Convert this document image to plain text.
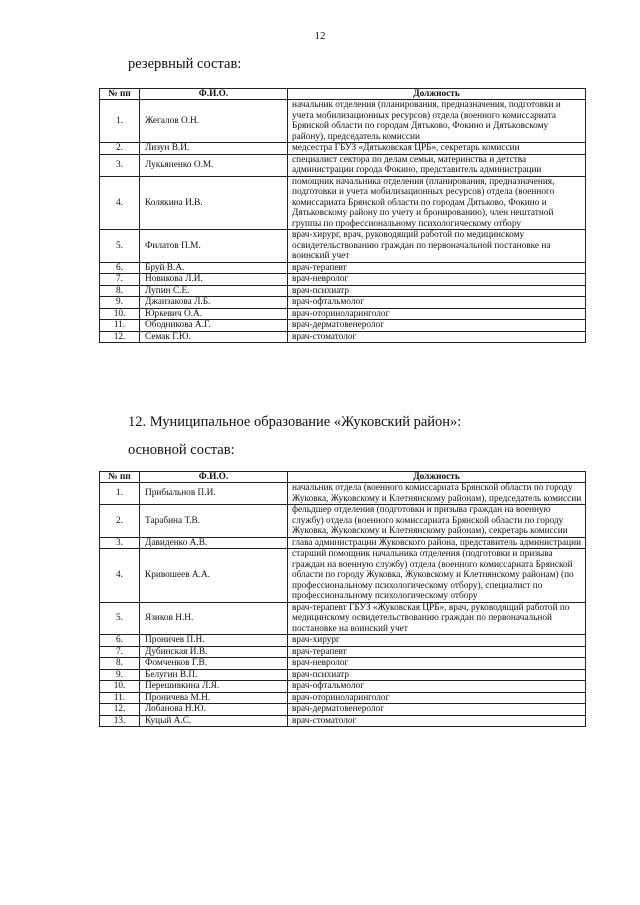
12
резервный состав:
№ пп	Ф.И.О.	Должность
1.	Жегалов О.Н.	начальник отделения (планирования, предназначения, подготовки и учета мобилизационных ресурсов) отдела (военного комиссариата Брянской области по городам Дятьково, Фокино и Дятьковскому району), председатель комиссии
2.	Лизун В.И.	медсестра ГБУЗ «Дятьковская ЦРБ», секретарь комиссии
3.	Лукьяненко О.М.	специалист сектора по делам семьи, материнства и детства администрации города Фокино, представитель администрации
4.	Колякина И.В.	помощник начальника отделения (планирования, предназначения, подготовки и учета мобилизационных ресурсов) отдела (военного комиссариата Брянской области по городам Дятьково, Фокино и Дятьковскому району по учету и бронированию), член нештатной группы по профессиональному психологическому отбору
5.	Филатов П.М.	врач-хирург, врач, руководящий работой по медицинскому освидетельствованию граждан по первоначальной постановке на воинский учет
6.	Бруй В.А.	врач-терапевт
7.	Новикова Л.И.	врач-невролог
8.	Лупин С.Е.	врач-психиатр
9.	Джанзакова Л.Б.	врач-офтальмолог
10.	Юркевич О.А.	врач-оториноларинголог
11.	Ободникова А.Г.	врач-дерматовенеролог
12.	Семак Г.Ю.	врач-стоматолог
12. Муниципальное образование «Жуковский район»:
основной состав:
№ пп	Ф.И.О.	Должность
1.	Прибыльнов П.И.	начальник отдела (военного комиссариата Брянской области по городу Жуковка, Жуковскому и Клетнянскому районам), председатель комиссии
2.	Тарабина Т.В.	фельдшер отделения (подготовки и призыва граждан на военную службу) отдела (военного комиссариата Брянской области по городу Жуковка, Жуковскому и Клетнянскому районам), секретарь комиссии
3.	Давиденко А.В.	глава администрации Жуковского района, представитель администрации
4.	Кривошеев А.А.	старший помощник начальника отделения (подготовки и призыва граждан на военную службу) отдела (военного комиссариата Брянской области по городу Жуковка, Жуковскому и Клетнянскому районам) (по профессиональному психологическому отбору), специалист по профессиональному психологическому отбору
5.	Язиков Н.Н.	врач-терапевт ГБУЗ «Жуковская ЦРБ», врач, руководящий работой по медицинскому освидетельствованию граждан по первоначальной постановке на воинский учет
6.	Проничев П.Н.	врач-хирург
7.	Дубинская И.В.	врач-терапевт
8.	Фомченков Г.В.	врач-невролог
9.	Белугин В.П.	врач-психиатр
10.	Перешивкина Л.Я.	врач-офтальмолог
11.	Проничева М.Н.	врач-оториноларинголог
12.	Лобанова Н.Ю.	врач-дерматовенеролог
13.	Куцый А.С.	врач-стоматолог
